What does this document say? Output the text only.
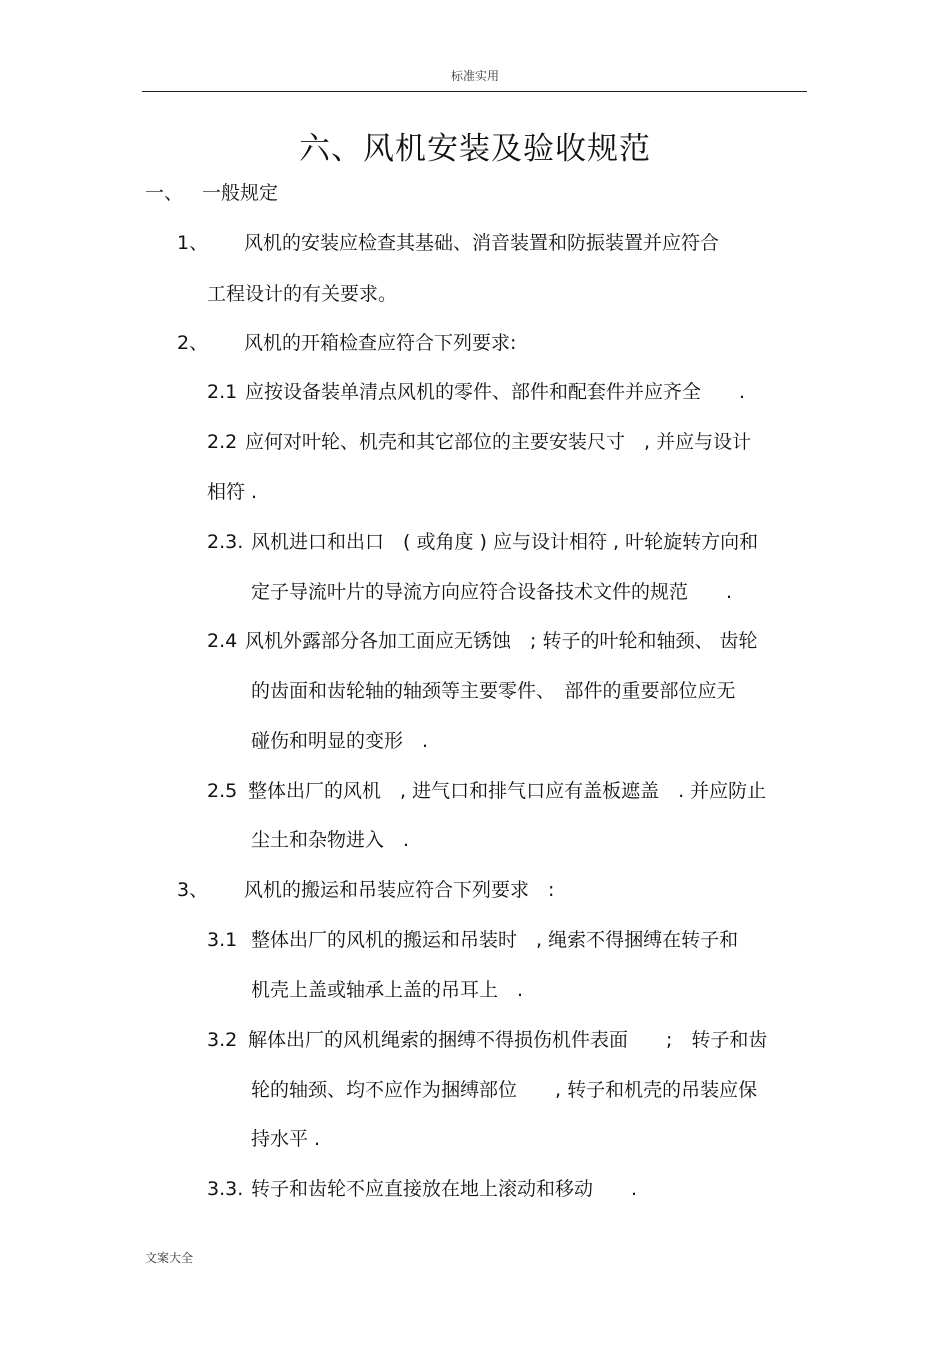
标准实用
六、风机安装及验收规范
一、 一般规定
1、 风机的安装应检查其基础、消音装置和防振装置并应符合
工程设计的有关要求。
2、 风机的开箱检查应符合下列要求:
2.1 应按设备装单清点风机的零件、部件和配套件并应齐全　　.
2.2 应何对叶轮、机壳和其它部位的主要安装尺寸　, 并应与设计
相符 .
2.3. 风机进口和出口　( 或角度 ) 应与设计相符 , 叶轮旋转方向和
定子导流叶片的导流方向应符合设备技术文件的规范　　.
2.4 风机外露部分各加工面应无锈蚀　; 转子的叶轮和轴颈、 齿轮
的齿面和齿轮轴的轴颈等主要零件、　部件的重要部位应无
碰伤和明显的变形　.
2.5 整体出厂的风机　, 进气口和排气口应有盖板遮盖　. 并应防止
尘土和杂物进入　.
3、 风机的搬运和吊装应符合下列要求　:
3.1 整体出厂的风机的搬运和吊装时　, 绳索不得捆缚在转子和
机壳上盖或轴承上盖的吊耳上　.
3.2 解体出厂的风机绳索的捆缚不得损伤机件表面　　;　转子和齿
轮的轴颈、均不应作为捆缚部位　　, 转子和机壳的吊装应保
持水平 .
3.3. 转子和齿轮不应直接放在地上滚动和移动　　.
文案大全
